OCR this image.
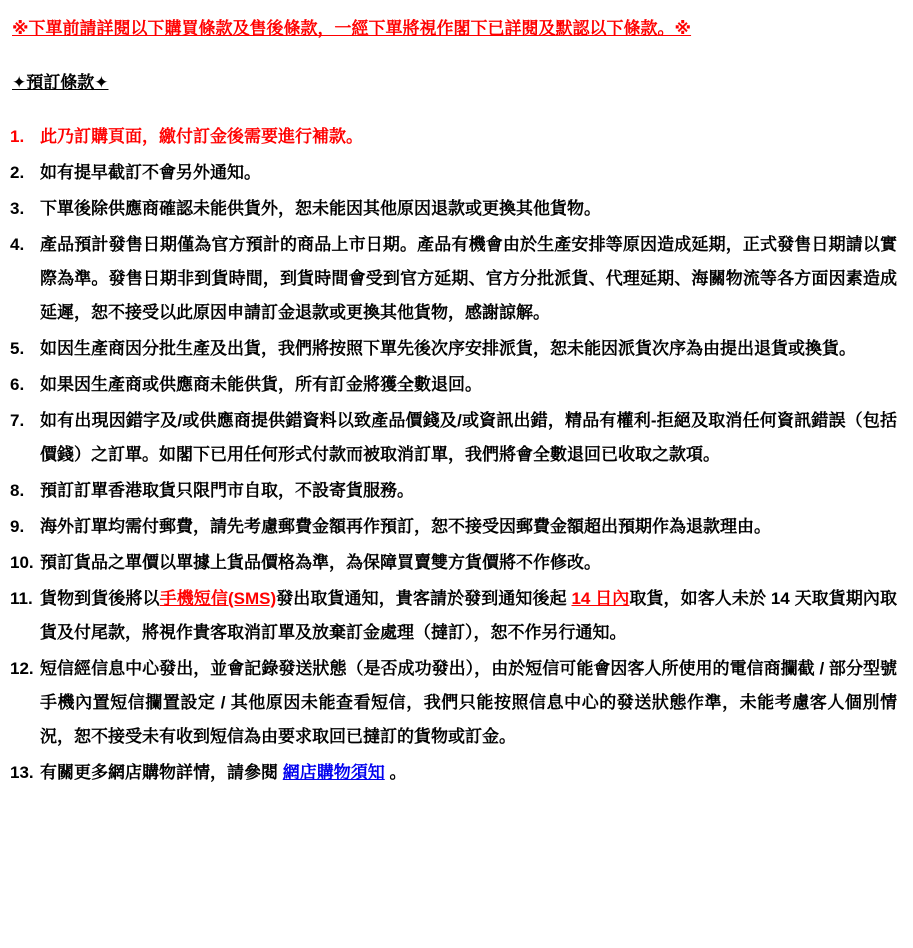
※下單前請詳閱以下購買條款及售後條款，一經下單將視作閣下已詳閱及默認以下條款。※

✦預訂條款✦
1. 此乃訂購頁面，繳付訂金後需要進行補款。
2. 如有提早截訂不會另外通知。
3. 下單後除供應商確認未能供貨外，恕未能因其他原因退款或更換其他貨物。
4. 產品預計發售日期僅為官方預計的商品上市日期。產品有機會由於生產安排等原因造成延期，正式發售日期請以實際為準。發售日期非到貨時間，到貨時間會受到官方延期、官方分批派貨、代理延期、海關物流等各方面因素造成延遲，恕不接受以此原因申請訂金退款或更換其他貨物，感謝諒解。
5. 如因生產商因分批生產及出貨，我們將按照下單先後次序安排派貨，恕未能因派貨次序為由提出退貨或換貨。
6. 如果因生產商或供應商未能供貨，所有訂金將獲全數退回。
7. 如有出現因錯字及/或供應商提供錯資料以致產品價錢及/或資訊出錯，精品有權利-拒絕及取消任何資訊錯誤（包括價錢）之訂單。如閣下已用任何形式付款而被取消訂單，我們將會全數退回已收取之款項。
8. 預訂訂單香港取貨只限門市自取，不設寄貨服務。
9. 海外訂單均需付郵費，請先考慮郵費金額再作預訂，恕不接受因郵費金額超出預期作為退款理由。
10. 預訂貨品之單價以單據上貨品價格為準，為保障買賣雙方貨價將不作修改。
11. 貨物到貨後將以手機短信(SMS)發出取貨通知，貴客請於發到通知後起 14 日內取貨，如客人未於 14 天取貨期內取貨及付尾款，將視作貴客取消訂單及放棄訂金處理（撻訂），恕不作另行通知。
12. 短信經信息中心發出，並會記錄發送狀態（是否成功發出），由於短信可能會因客人所使用的電信商攔截 / 部分型號手機內置短信攔置設定 / 其他原因未能查看短信，我們只能按照信息中心的發送狀態作準，未能考慮客人個別情況，恕不接受未有收到短信為由要求取回已撻訂的貨物或訂金。
13. 有關更多網店購物詳情，請參閱 網店購物須知 。
